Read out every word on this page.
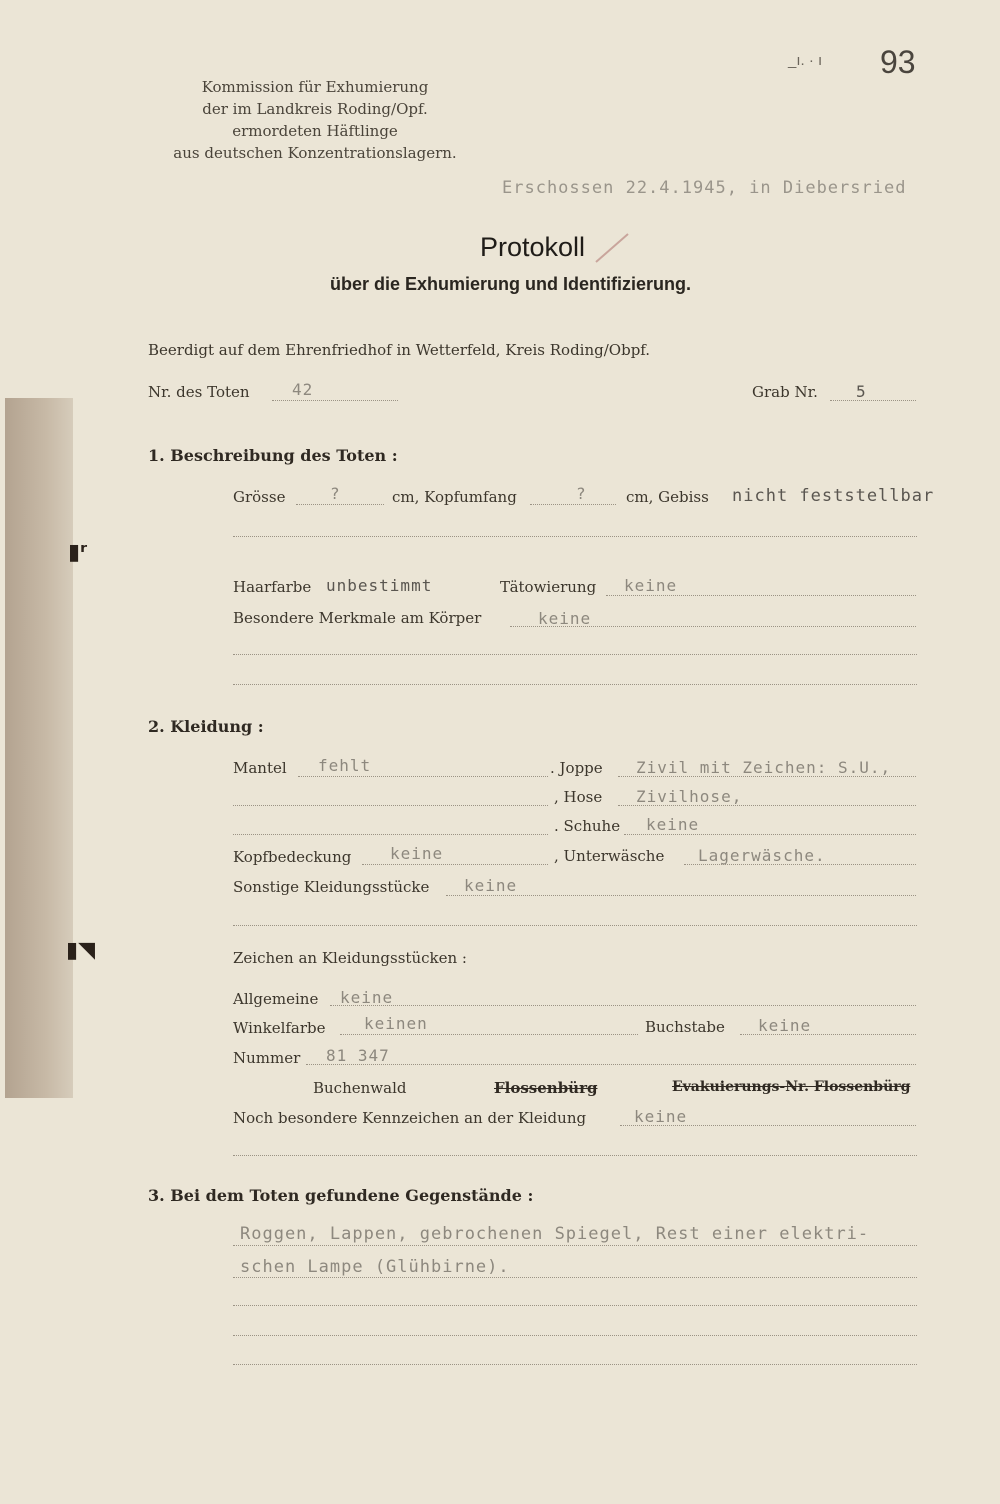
▮ʳ
▮◥
Kommission für Exhumierung
der im Landkreis Roding/Opf.
ermordeten Häftlinge
aus deutschen Konzentrationslagern.
_ı. · ı 93
Erschossen 22.4.1945, in Diebersried
Protokoll
über die Exhumierung und Identifizierung.
Beerdigt auf dem Ehrenfriedhof in Wetterfeld, Kreis Roding/Obpf.
Nr. des Toten	42	Grab Nr. 5
1. Beschreibung des Toten :
Grösse	?	cm, Kopfumfang	?	cm, Gebiss nicht feststellbar
Haarfarbe unbestimmt	Tätowierung keine
Besondere Merkmale am Körper	keine
2. Kleidung :
Mantel fehlt	. Joppe Zivil mit Zeichen: S.U.,
, Hose Zivilhose,
. Schuhe keine
Kopfbedeckung keine	, Unterwäsche Lagerwäsche.
Sonstige Kleidungsstücke keine
Zeichen an Kleidungsstücken :
Allgemeine keine
Winkelfarbe keinen	Buchstabe keine
Nummer 81 347
Buchenwald	Flossenbürg	Evakuierungs-Nr. Flossenbürg
Noch besondere Kennzeichen an der Kleidung	keine
3. Bei dem Toten gefundene Gegenstände :
Roggen, Lappen, gebrochenen Spiegel, Rest einer elektri-
schen Lampe (Glühbirne).
